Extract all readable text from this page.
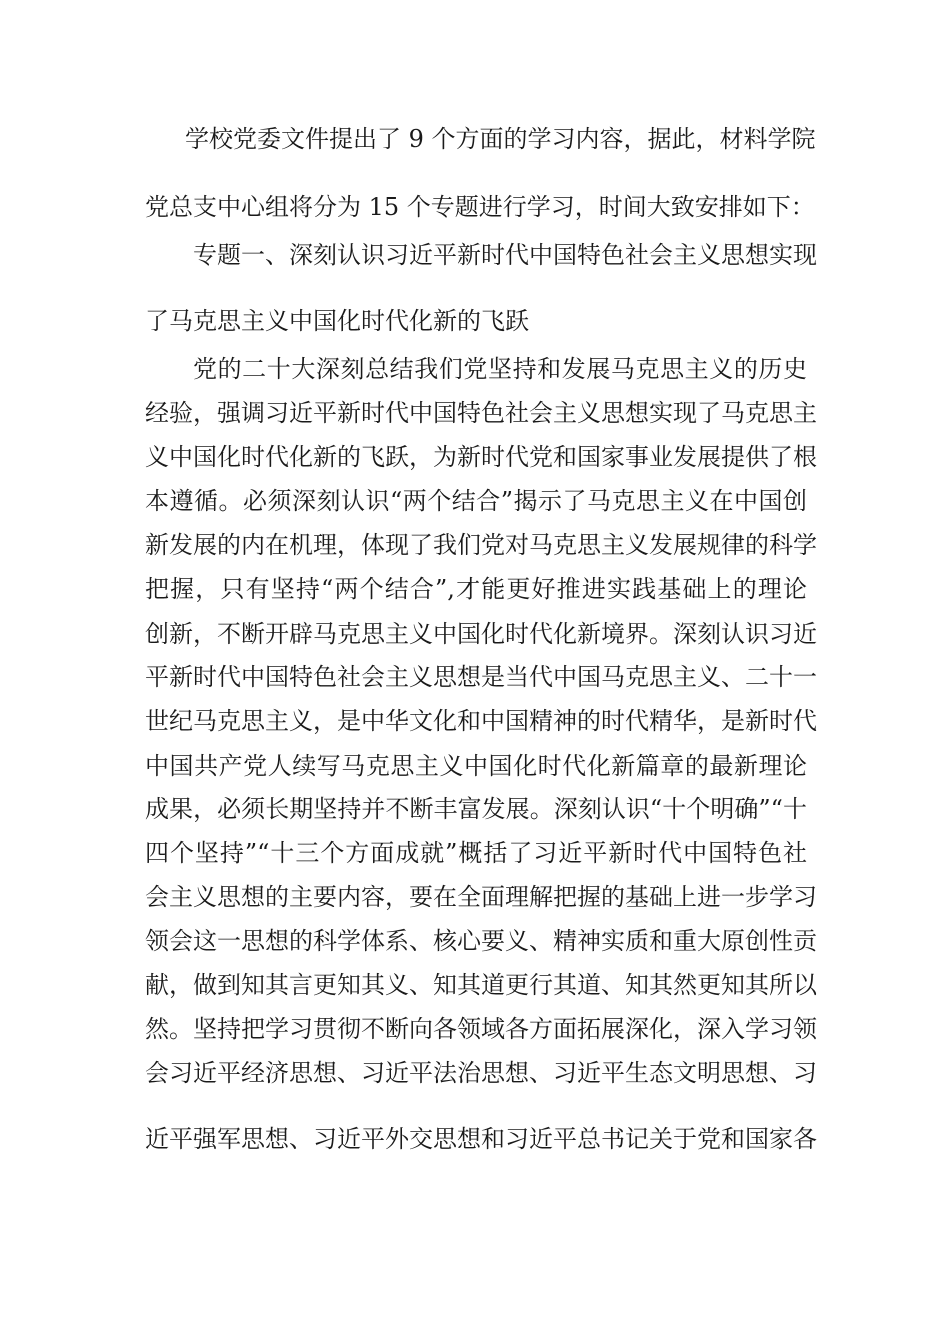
学校党委文件提出了 9 个方面的学习内容，据此，材料学院
党总支中心组将分为 15 个专题进行学习，时间大致安排如下：
专题一、深刻认识习近平新时代中国特色社会主义思想实现
了马克思主义中国化时代化新的飞跃
党的二十大深刻总结我们党坚持和发展马克思主义的历史
经验，强调习近平新时代中国特色社会主义思想实现了马克思主
义中国化时代化新的飞跃，为新时代党和国家事业发展提供了根
本遵循。必须深刻认识“两个结合”揭示了马克思主义在中国创
新发展的内在机理，体现了我们党对马克思主义发展规律的科学
把握，只有坚持“两个结合”,才能更好推进实践基础上的理论
创新，不断开辟马克思主义中国化时代化新境界。深刻认识习近
平新时代中国特色社会主义思想是当代中国马克思主义、二十一
世纪马克思主义，是中华文化和中国精神的时代精华，是新时代
中国共产党人续写马克思主义中国化时代化新篇章的最新理论
成果，必须长期坚持并不断丰富发展。深刻认识“十个明确”“十
四个坚持”“十三个方面成就”概括了习近平新时代中国特色社
会主义思想的主要内容，要在全面理解把握的基础上进一步学习
领会这一思想的科学体系、核心要义、精神实质和重大原创性贡
献，做到知其言更知其义、知其道更行其道、知其然更知其所以
然。坚持把学习贯彻不断向各领域各方面拓展深化，深入学习领
会习近平经济思想、习近平法治思想、习近平生态文明思想、习
近平强军思想、习近平外交思想和习近平总书记关于党和国家各
